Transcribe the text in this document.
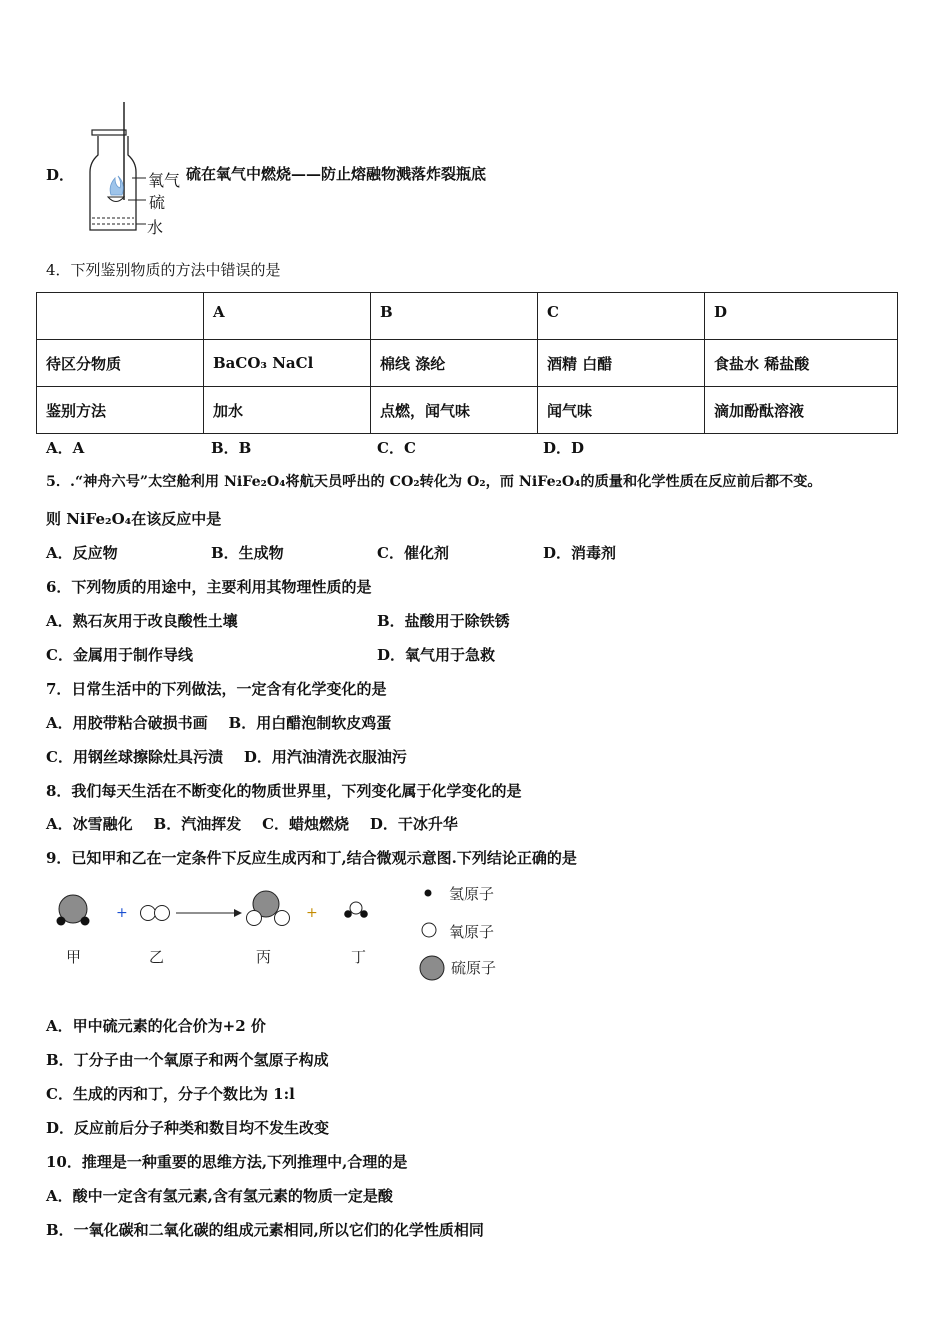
D．	氧气
硫
水
硫在氧气中燃烧——防止熔融物溅落炸裂瓶底
4．下列鉴别物质的方法中错误的是
	A	B	C	D
待区分物质	BaCO₃ NaCl	棉线 涤纶	酒精 白醋	食盐水 稀盐酸
鉴别方法	加水	点燃，闻气味	闻气味	滴加酚酞溶液
A．A	B．B	C．C	D．D
5．.“神舟六号”太空舱利用 NiFe₂O₄将航天员呼出的 CO₂转化为 O₂，而 NiFe₂O₄的质量和化学性质在反应前后都不变。
则 NiFe₂O₄在该反应中是
A．反应物	B．生成物	C．催化剂	D．消毒剂
6．下列物质的用途中，主要利用其物理性质的是
A．熟石灰用于改良酸性土壤	B．盐酸用于除铁锈
C．金属用于制作导线	D．氧气用于急救
7．日常生活中的下列做法，一定含有化学变化的是
A．用胶带粘合破损书画    B．用白醋泡制软皮鸡蛋
C．用钢丝球擦除灶具污渍    D．用汽油清洗衣服油污
8．我们每天生活在不断变化的物质世界里，下列变化属于化学变化的是
A．冰雪融化    B．汽油挥发    C．蜡烛燃烧    D．干冰升华
9．已知甲和乙在一定条件下反应生成丙和丁,结合微观示意图.下列结论正确的是
+	+
甲	乙	丙	丁
氢原子
氧原子
硫原子
A．甲中硫元素的化合价为+2 价
B．丁分子由一个氧原子和两个氢原子构成
C．生成的丙和丁，分子个数比为 1:l
D．反应前后分子种类和数目均不发生改变
10．推理是一种重要的思维方法,下列推理中,合理的是
A．酸中一定含有氢元素,含有氢元素的物质一定是酸
B．一氧化碳和二氧化碳的组成元素相同,所以它们的化学性质相同
